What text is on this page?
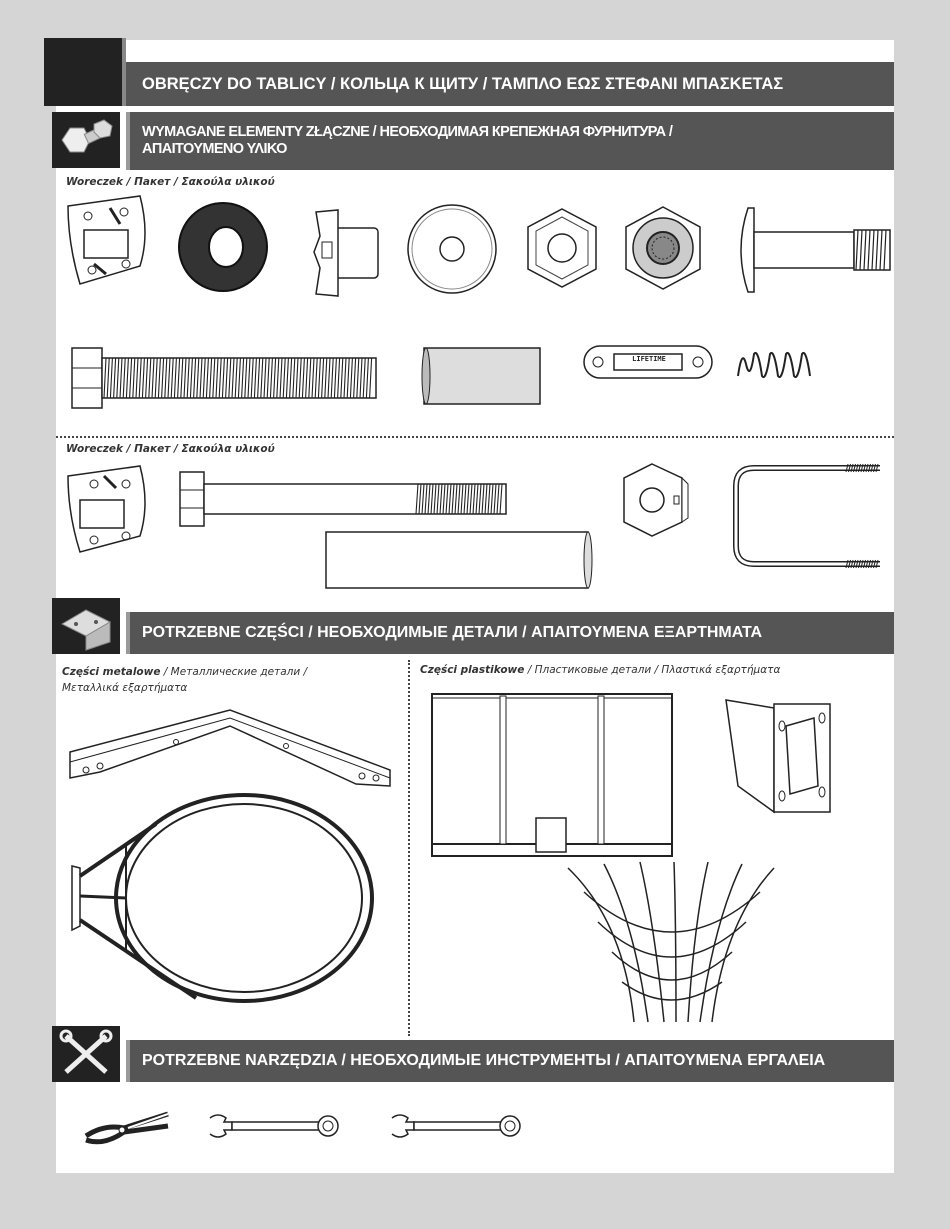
OBRĘCZY DO TABLICY / КОЛЬЦА К ЩИТУ / ΤΑΜΠΛΟ ΕΩΣ ΣΤΕΦΑΝΙ ΜΠΑΣΚΕΤΑΣ
WYMAGANE ELEMENTY ZŁĄCZNE / НЕОБХОДИМАЯ КРЕПЕЖНАЯ ФУРНИТУРА /
ΑΠΑΙΤΟΥΜΕΝΟ ΥΛΙΚΟ
Woreczek / Пакет / Σακούλα υλικού
LIFETIME
Woreczek / Пакет / Σακούλα υλικού
POTRZEBNE CZĘŚCI / НЕОБХОДИМЫЕ ДЕТАЛИ / ΑΠΑΙΤΟΥΜΕΝΑ ΕΞΑΡΤΗΜΑΤΑ
Części metalowe / Металлические детали /
Μεταλλικά εξαρτήματα
Części plastikowe / Пластиковые детали / Πλαστικά εξαρτήματα
POTRZEBNE NARZĘDZIA / НЕОБХОДИМЫЕ ИНСТРУМЕНТЫ / ΑΠΑΙΤΟΥΜΕΝΑ ΕΡΓΑΛΕΙΑ
